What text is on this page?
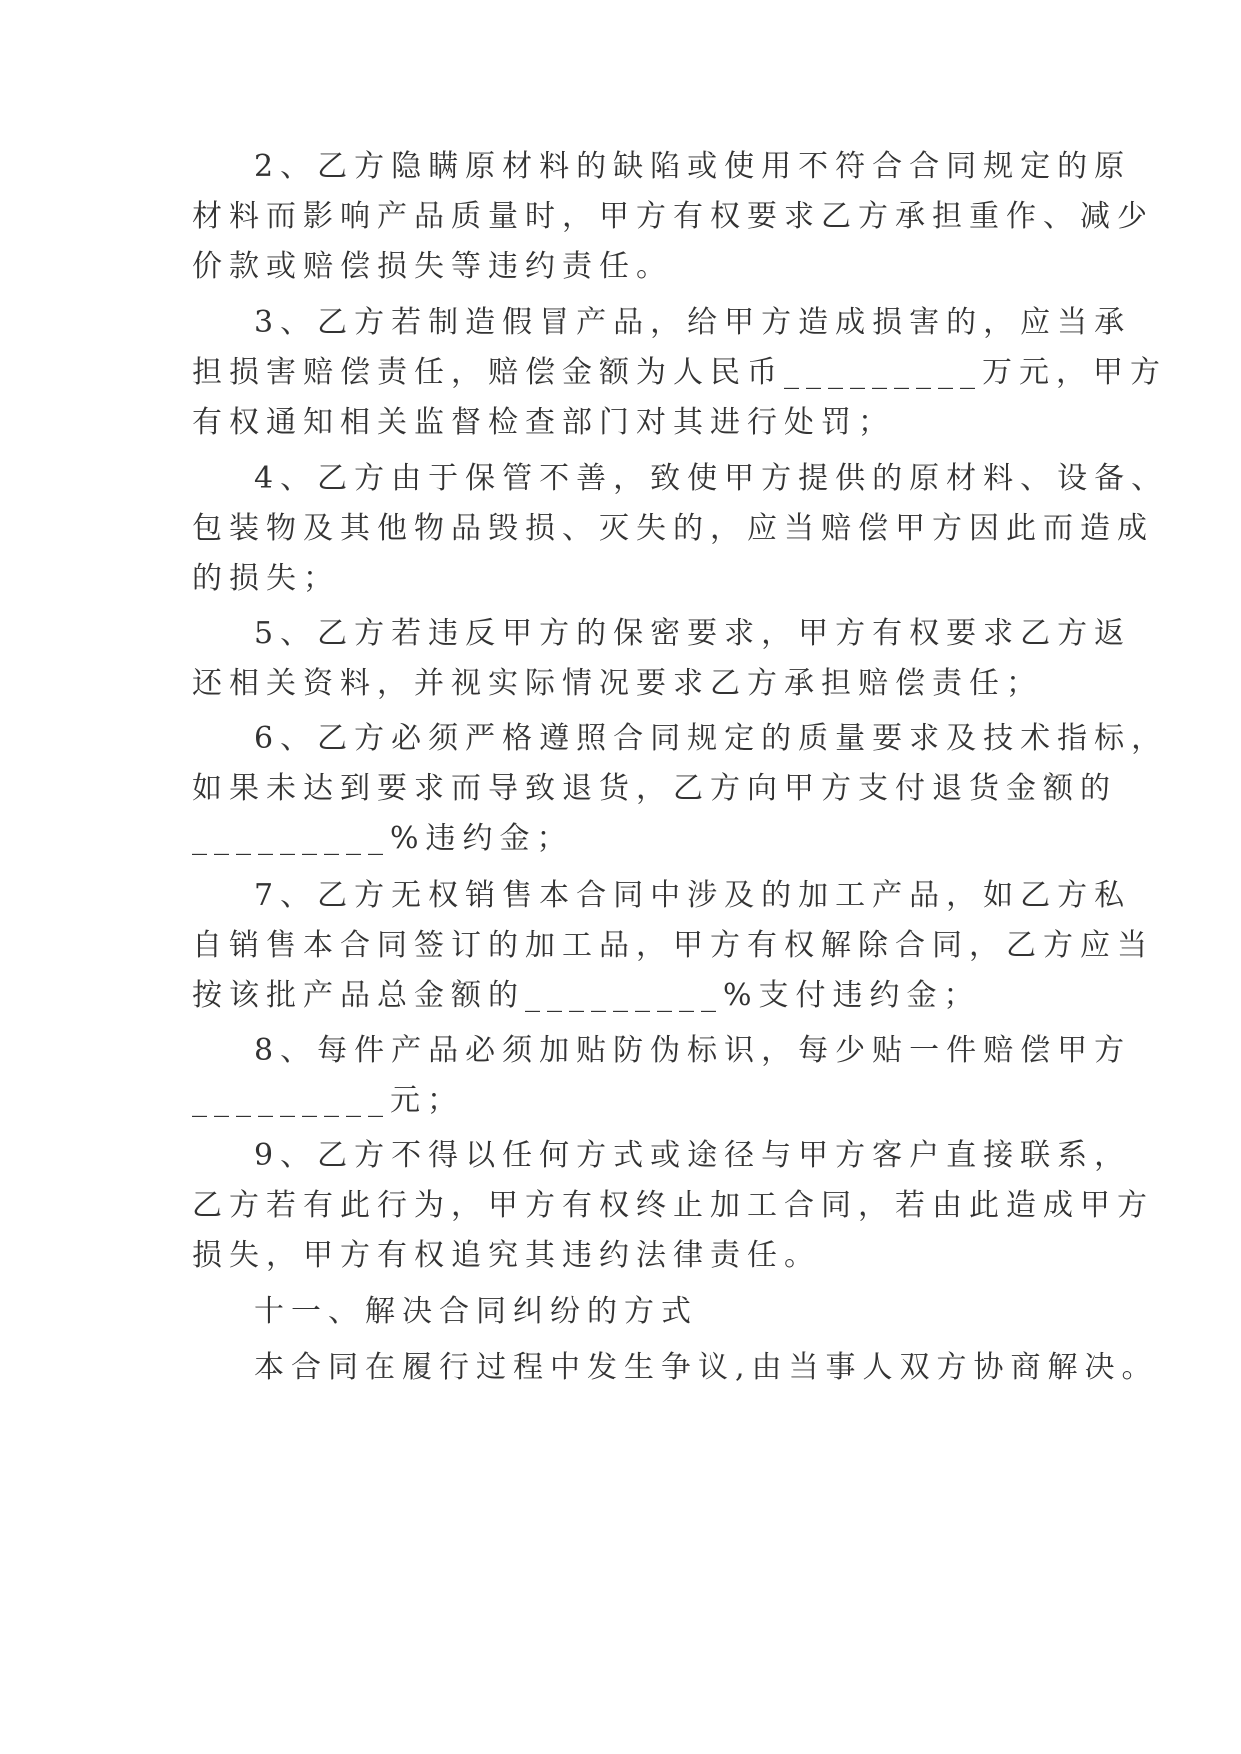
2、乙方隐瞒原材料的缺陷或使用不符合合同规定的原
材料而影响产品质量时，甲方有权要求乙方承担重作、减少
价款或赔偿损失等违约责任。
3、乙方若制造假冒产品，给甲方造成损害的，应当承
担损害赔偿责任，赔偿金额为人民币_________万元，甲方
有权通知相关监督检查部门对其进行处罚；
4、乙方由于保管不善，致使甲方提供的原材料、设备、
包装物及其他物品毁损、灭失的，应当赔偿甲方因此而造成
的损失；
5、乙方若违反甲方的保密要求，甲方有权要求乙方返
还相关资料，并视实际情况要求乙方承担赔偿责任；
6、乙方必须严格遵照合同规定的质量要求及技术指标，
如果未达到要求而导致退货，乙方向甲方支付退货金额的
_________%违约金；
7、乙方无权销售本合同中涉及的加工产品，如乙方私
自销售本合同签订的加工品，甲方有权解除合同，乙方应当
按该批产品总金额的_________%支付违约金；
8、每件产品必须加贴防伪标识，每少贴一件赔偿甲方
_________元；
9、乙方不得以任何方式或途径与甲方客户直接联系，
乙方若有此行为，甲方有权终止加工合同，若由此造成甲方
损失，甲方有权追究其违约法律责任。
十一、解决合同纠纷的方式
本合同在履行过程中发生争议,由当事人双方协商解决。
